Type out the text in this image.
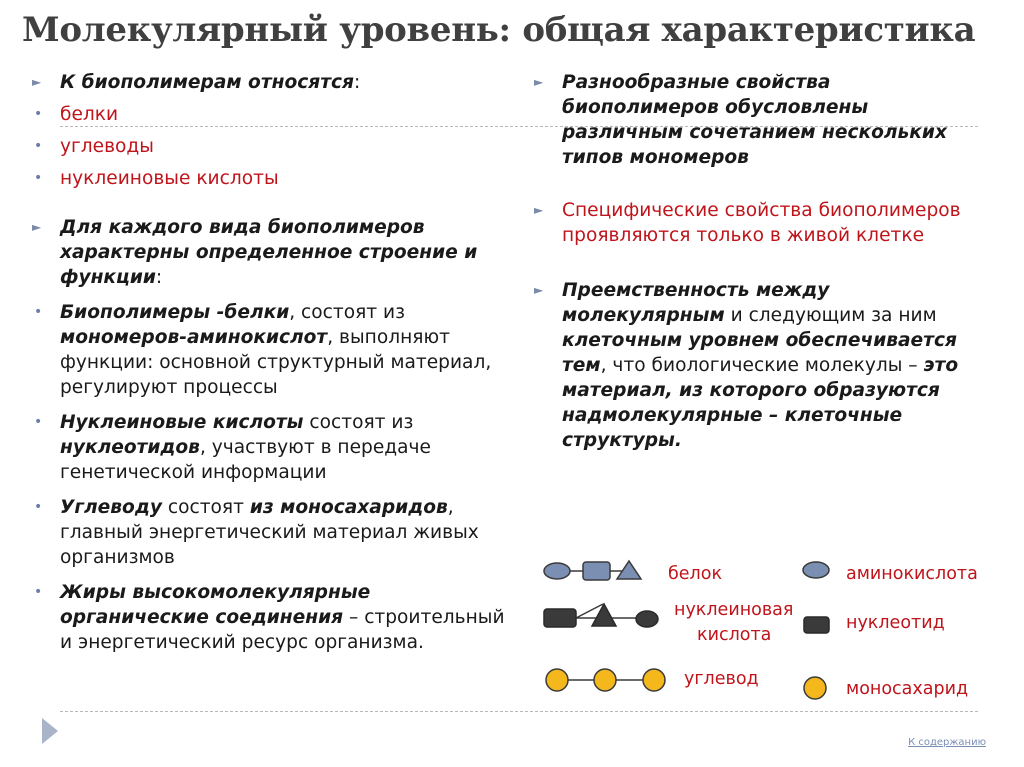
Молекулярный уровень: общая характеристика
► К биополимерам относятся:
• белки
• углеводы
• нуклеиновые кислоты
► Для каждого вида биополимеров характерны определенное строение и функции:
• Биополимеры -белки, состоят из мономеров-аминокислот, выполняют функции: основной структурный материал, регулируют процессы
• Нуклеиновые кислоты состоят из нуклеотидов, участвуют в передаче генетической информации
• Углеводу состоят из моносахаридов, главный энергетический материал живых организмов
• Жиры высокомолекулярные органические соединения – строительный и энергетический ресурс организма.
► Разнообразные свойства биополимеров обусловлены различным сочетанием нескольких типов мономеров
► Специфические свойства биополимеров проявляются только в живой клетке
► Преемственность между молекулярным и следующим за ним клеточным уровнем обеспечивается тем, что биологические молекулы – это материал, из которого образуются надмолекулярные – клеточные структуры.
белок	аминокислота
нуклеиновая
кислота
нуклеотид
углевод	моносахарид
К содержанию
